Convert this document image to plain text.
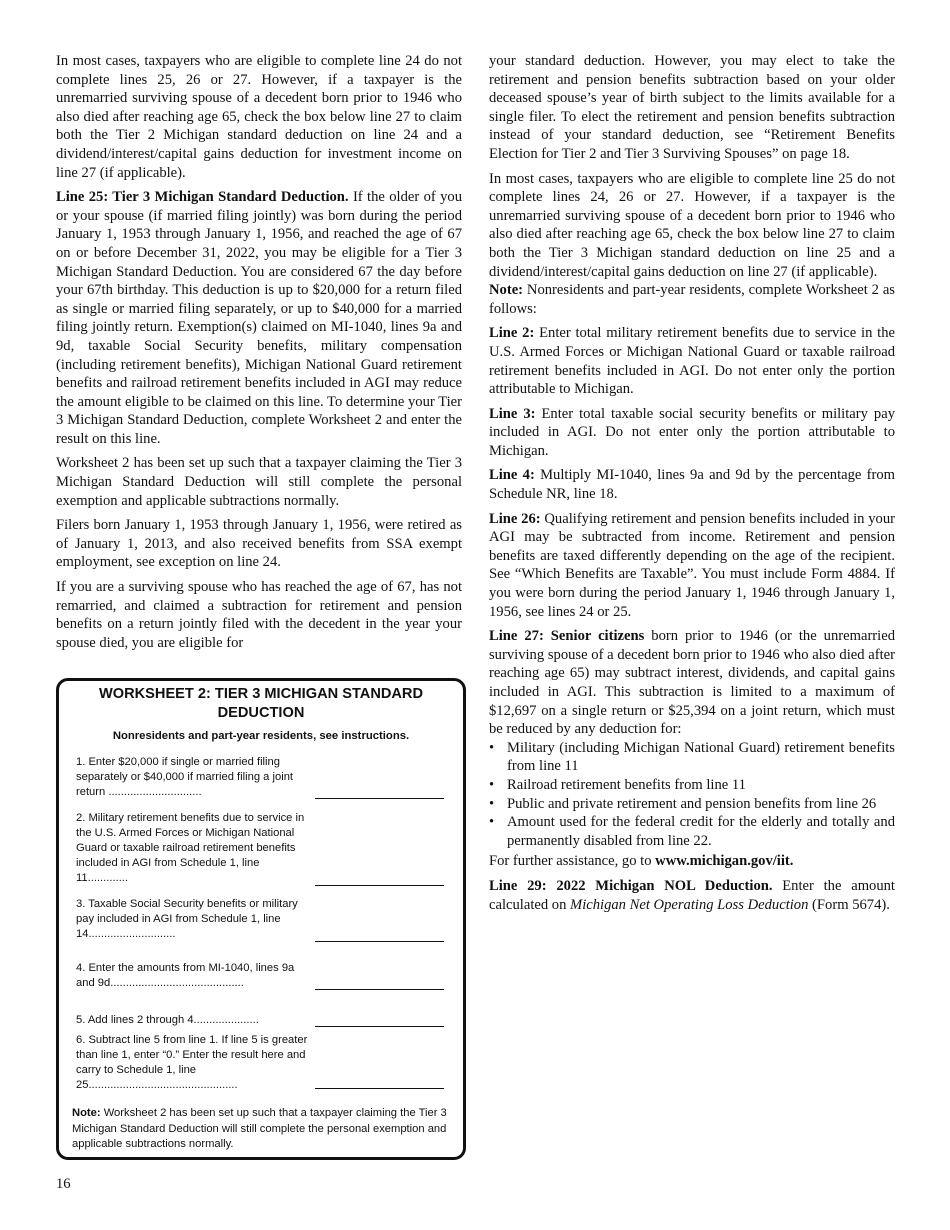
In most cases, taxpayers who are eligible to complete line 24 do not complete lines 25, 26 or 27. However, if a taxpayer is the unremarried surviving spouse of a decedent born prior to 1946 who also died after reaching age 65, check the box below line 27 to claim both the Tier 2 Michigan standard deduction on line 24 and a dividend/interest/capital gains deduction for investment income on line 27 (if applicable).

Line 25: Tier 3 Michigan Standard Deduction. If the older of you or your spouse (if married filing jointly) was born during the period January 1, 1953 through January 1, 1956, and reached the age of 67 on or before December 31, 2022, you may be eligible for a Tier 3 Michigan Standard Deduction. You are considered 67 the day before your 67th birthday. This deduction is up to $20,000 for a return filed as single or married filing separately, or up to $40,000 for a married filing jointly return. Exemption(s) claimed on MI-1040, lines 9a and 9d, taxable Social Security benefits, military compensation (including retirement benefits), Michigan National Guard retirement benefits and railroad retirement benefits included in AGI may reduce the amount eligible to be claimed on this line. To determine your Tier 3 Michigan Standard Deduction, complete Worksheet 2 and enter the result on this line.

Worksheet 2 has been set up such that a taxpayer claiming the Tier 3 Michigan Standard Deduction will still complete the personal exemption and applicable subtractions normally.

Filers born January 1, 1953 through January 1, 1956, were retired as of January 1, 2013, and also received benefits from SSA exempt employment, see exception on line 24.

If you are a surviving spouse who has reached the age of 67, has not remarried, and claimed a subtraction for retirement and pension benefits on a return jointly filed with the decedent in the year your spouse died, you are eligible for

WORKSHEET 2: TIER 3 MICHIGAN STANDARD DEDUCTION
Nonresidents and part-year residents, see instructions.
1. Enter $20,000 if single or married filing separately or $40,000 if married filing a joint return ..............................
2. Military retirement benefits due to service in the U.S. Armed Forces or Michigan National Guard or taxable railroad retirement benefits included in AGI from Schedule 1, line 11.............
3. Taxable Social Security benefits or military pay included in AGI from Schedule 1, line 14............................
4. Enter the amounts from MI-1040, lines 9a and 9d...........................................
5. Add lines 2 through 4.....................
6. Subtract line 5 from line 1. If line 5 is greater than line 1, enter “0.” Enter the result here and carry to Schedule 1, line 25................................................
Note: Worksheet 2 has been set up such that a taxpayer claiming the Tier 3 Michigan Standard Deduction will still complete the personal exemption and applicable subtractions normally.

your standard deduction. However, you may elect to take the retirement and pension benefits subtraction based on your older deceased spouse’s year of birth subject to the limits available for a single filer. To elect the retirement and pension benefits subtraction instead of your standard deduction, see “Retirement Benefits Election for Tier 2 and Tier 3 Surviving Spouses” on page 18.

In most cases, taxpayers who are eligible to complete line 25 do not complete lines 24, 26 or 27. However, if a taxpayer is the unremarried surviving spouse of a decedent born prior to 1946 who also died after reaching age 65, check the box below line 27 to claim both the Tier 3 Michigan standard deduction on line 25 and a dividend/interest/capital gains deduction on line 27 (if applicable).

Note: Nonresidents and part-year residents, complete Worksheet 2 as follows:

Line 2: Enter total military retirement benefits due to service in the U.S. Armed Forces or Michigan National Guard or taxable railroad retirement benefits included in AGI. Do not enter only the portion attributable to Michigan.

Line 3: Enter total taxable social security benefits or military pay included in AGI. Do not enter only the portion attributable to Michigan.

Line 4: Multiply MI-1040, lines 9a and 9d by the percentage from Schedule NR, line 18.

Line 26: Qualifying retirement and pension benefits included in your AGI may be subtracted from income. Retirement and pension benefits are taxed differently depending on the age of the recipient. See “Which Benefits are Taxable”. You must include Form 4884. If you were born during the period January 1, 1946 through January 1, 1956, see lines 24 or 25.

Line 27: Senior citizens born prior to 1946 (or the unremarried surviving spouse of a decedent born prior to 1946 who also died after reaching age 65) may subtract interest, dividends, and capital gains included in AGI. This subtraction is limited to a maximum of $12,697 on a single return or $25,394 on a joint return, which must be reduced by any deduction for:

• Military (including Michigan National Guard) retirement benefits from line 11
• Railroad retirement benefits from line 11
• Public and private retirement and pension benefits from line 26
• Amount used for the federal credit for the elderly and totally and permanently disabled from line 22.

For further assistance, go to www.michigan.gov/iit.

Line 29: 2022 Michigan NOL Deduction. Enter the amount calculated on Michigan Net Operating Loss Deduction (Form 5674).

16
